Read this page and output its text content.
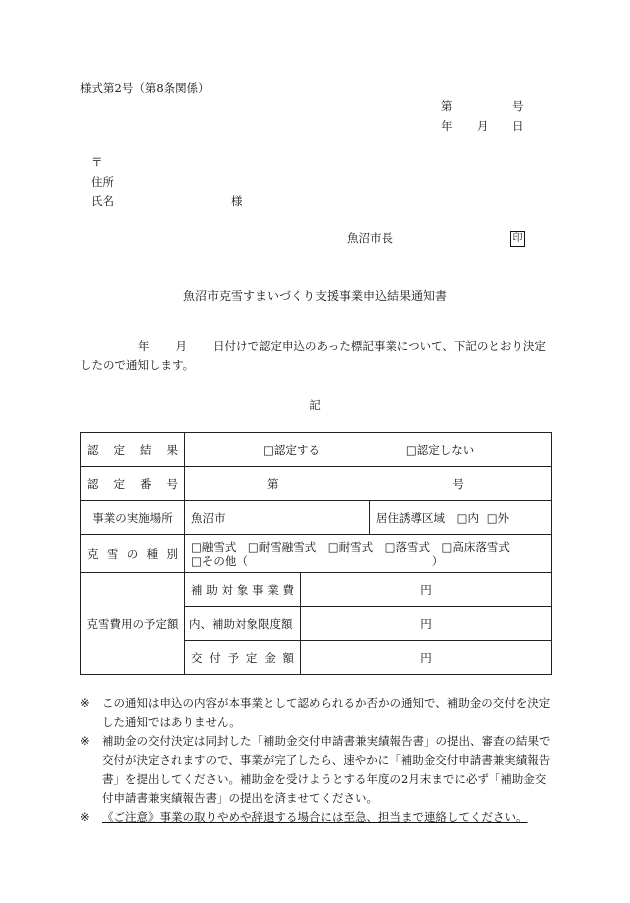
様式第2号（第8条関係）
第	号
年 月 日
〒
住所
氏名	様
魚沼市長	印
魚沼市克雪すまいづくり支援事業申込結果通知書
年 月 日付けで認定申込のあった標記事業について、下記のとおり決定
したので通知します。
記
認定結果	□認定する □認定しない		
認定番号	第 号		
事業の実施場所	魚沼市		居住誘導区域 □内 □外
克雪の種別	□融雪式　□耐雪融雪式　□耐雪式　□落雪式　□高床落雪式
□その他（　　　　　　　　　　　　　　　　）		

克雪費用の予定額	補助対象事業費	円	
	内、補助対象限度額	円	
	交付予定金額	円	
※ この通知は申込の内容が本事業として認められるか否かの通知で、補助金の交付を決定した通知ではありません。
※ 補助金の交付決定は同封した「補助金交付申請書兼実績報告書」の提出、審査の結果で交付が決定されますので、事業が完了したら、速やかに「補助金交付申請書兼実績報告書」を提出してください。補助金を受けようとする年度の2月末までに必ず「補助金交付申請書兼実績報告書」の提出を済ませてください。
※ 《ご注意》事業の取りやめや辞退する場合には至急、担当まで連絡してください。
